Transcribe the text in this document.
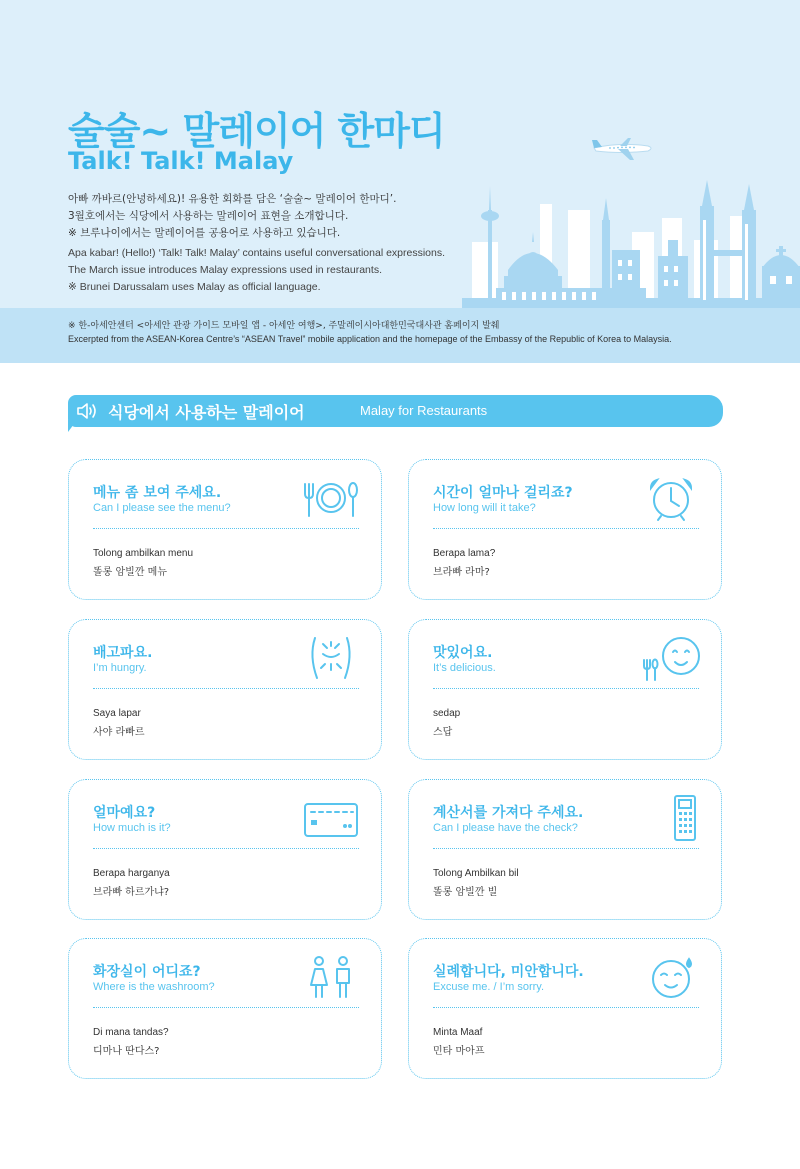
술술~ 말레이어 한마디
Talk! Talk! Malay
아빠 까바르(안녕하세요)! 유용한 회화를 담은 ‘술술~ 말레이어 한마디’.
3월호에서는 식당에서 사용하는 말레이어 표현을 소개합니다.
※ 브루나이에서는 말레이어를 공용어로 사용하고 있습니다.
Apa kabar! (Hello!) ‘Talk! Talk! Malay’ contains useful conversational expressions.
The March issue introduces Malay expressions used in restaurants.
※ Brunei Darussalam uses Malay as official language.
※ 한-아세안센터 <아세안 관광 가이드 모바일 앱 - 아세안 여행>, 주말레이시아대한민국대사관 홈페이지 발췌
Excerpted from the ASEAN-Korea Centre’s “ASEAN Travel” mobile application and the homepage of the Embassy of the Republic of Korea to Malaysia.
식당에서 사용하는 말레이어	Malay for Restaurants
메뉴 좀 보여 주세요.
Can I please see the menu?
Tolong ambilkan menu
똘롱 암빌깐 메뉴
시간이 얼마나 걸리죠?
How long will it take?
Berapa lama?
브라빠 라마?
배고파요.
I’m hungry.
Saya lapar
사야 라빠르
맛있어요.
It’s delicious.
sedap
스답
얼마예요?
How much is it?
Berapa harganya
브라빠 하르가냐?
계산서를 가져다 주세요.
Can I please have the check?
Tolong Ambilkan bil
똘롱 암빌깐 빌
화장실이 어디죠?
Where is the washroom?
Di mana tandas?
디마나 딴다스?
실례합니다, 미안합니다.
Excuse me. / I’m sorry.
Minta Maaf
민타 마아프
